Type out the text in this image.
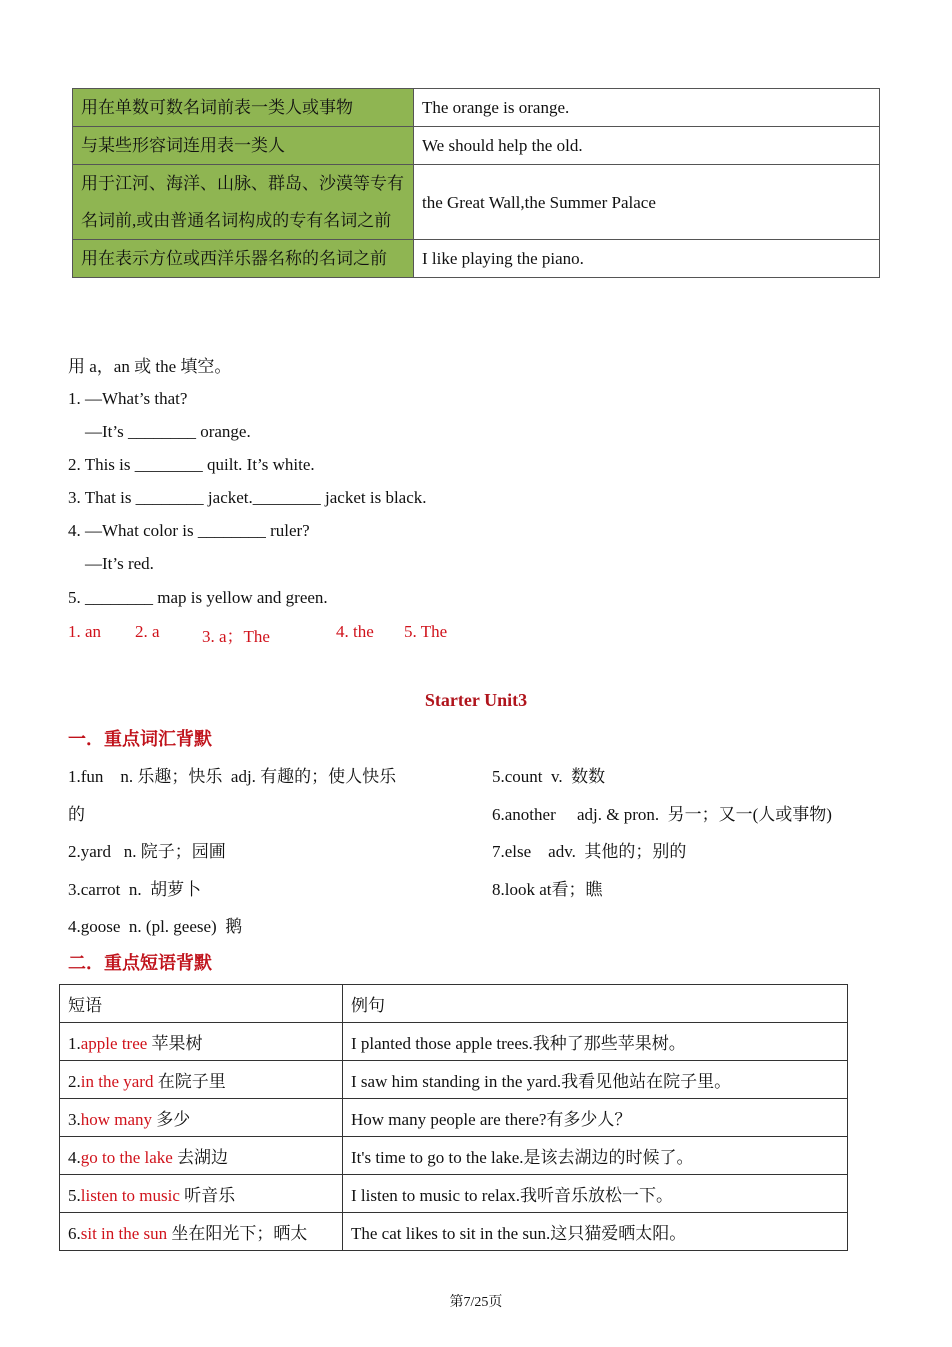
用在单数可数名词前表一类人或事物	The orange is orange.
与某些形容词连用表一类人	We should help the old.
用于江河、海洋、山脉、群岛、沙漠等专有名词前,或由普通名词构成的专有名词之前	the Great Wall,the Summer Palace
用在表示方位或西洋乐器名称的名词之前	I like playing the piano.
用 a，an 或 the 填空。
1. —What’s that?
—It’s ________ orange.
2. This is ________ quilt. It’s white.
3. That is ________ jacket.________ jacket is black.
4. —What color is ________ ruler?
—It’s red.
5. ________ map is yellow and green.
1. an 2. a 3. a；The	4. the 5. The
Starter Unit3
一．重点词汇背默
1.fun    n. 乐趣；快乐  adj. 有趣的；使人快乐
的
2.yard   n. 院子；园圃
3.carrot  n.  胡萝卜
4.goose  n. (pl. geese)  鹅
5.count  v.  数数
6.another     adj. & pron.  另一；又一(人或事物)
7.else    adv.  其他的；别的
8.look at看；瞧
二．重点短语背默
短语	例句
1.apple tree 苹果树	I planted those apple trees.我种了那些苹果树。
2.in the yard 在院子里	I saw him standing in the yard.我看见他站在院子里。
3.how many 多少	How many people are there?有多少人？
4.go to the lake 去湖边	It's time to go to the lake.是该去湖边的时候了。
5.listen to music 听音乐	I listen to music to relax.我听音乐放松一下。
6.sit in the sun 坐在阳光下；晒太	The cat likes to sit in the sun.这只猫爱晒太阳。
第7/25页
